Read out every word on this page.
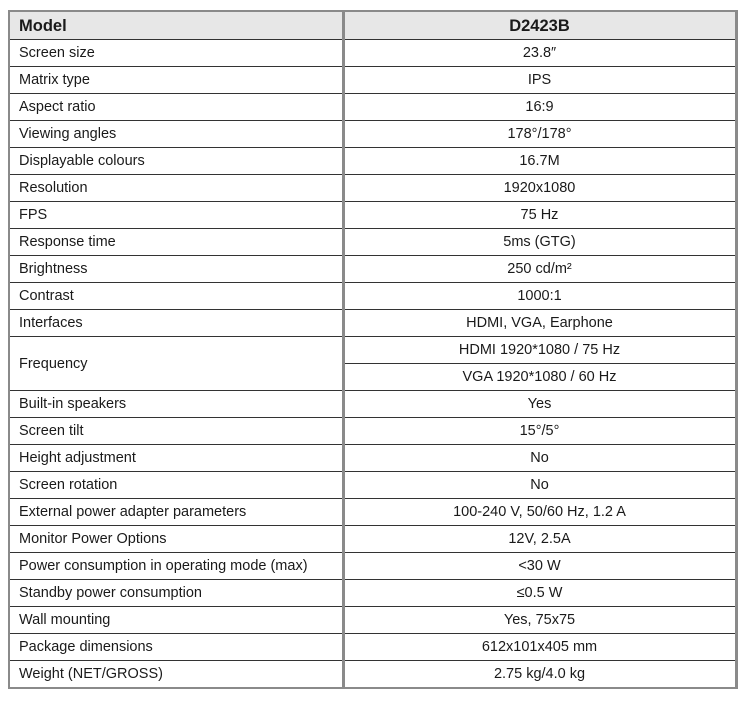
Model	D2423B
Screen size	23.8″
Matrix type	IPS
Aspect ratio	16:9
Viewing angles	178°/178°
Displayable colours	16.7M
Resolution	1920x1080
FPS	75 Hz
Response time	5ms (GTG)
Brightness	250 cd/m²
Contrast	1000:1
Interfaces	HDMI, VGA, Earphone
Frequency	HDMI 1920*1080 / 75 Hz
	VGA 1920*1080 / 60 Hz
Built-in speakers	Yes
Screen tilt	15°/5°
Height adjustment	No
Screen rotation	No
External power adapter parameters	100-240 V, 50/60 Hz, 1.2 A
Monitor Power Options	12V, 2.5A
Power consumption in operating mode (max)	<30 W
Standby power consumption	≤0.5 W
Wall mounting	Yes, 75x75
Package dimensions	612x101x405 mm
Weight (NET/GROSS)	2.75 kg/4.0 kg
